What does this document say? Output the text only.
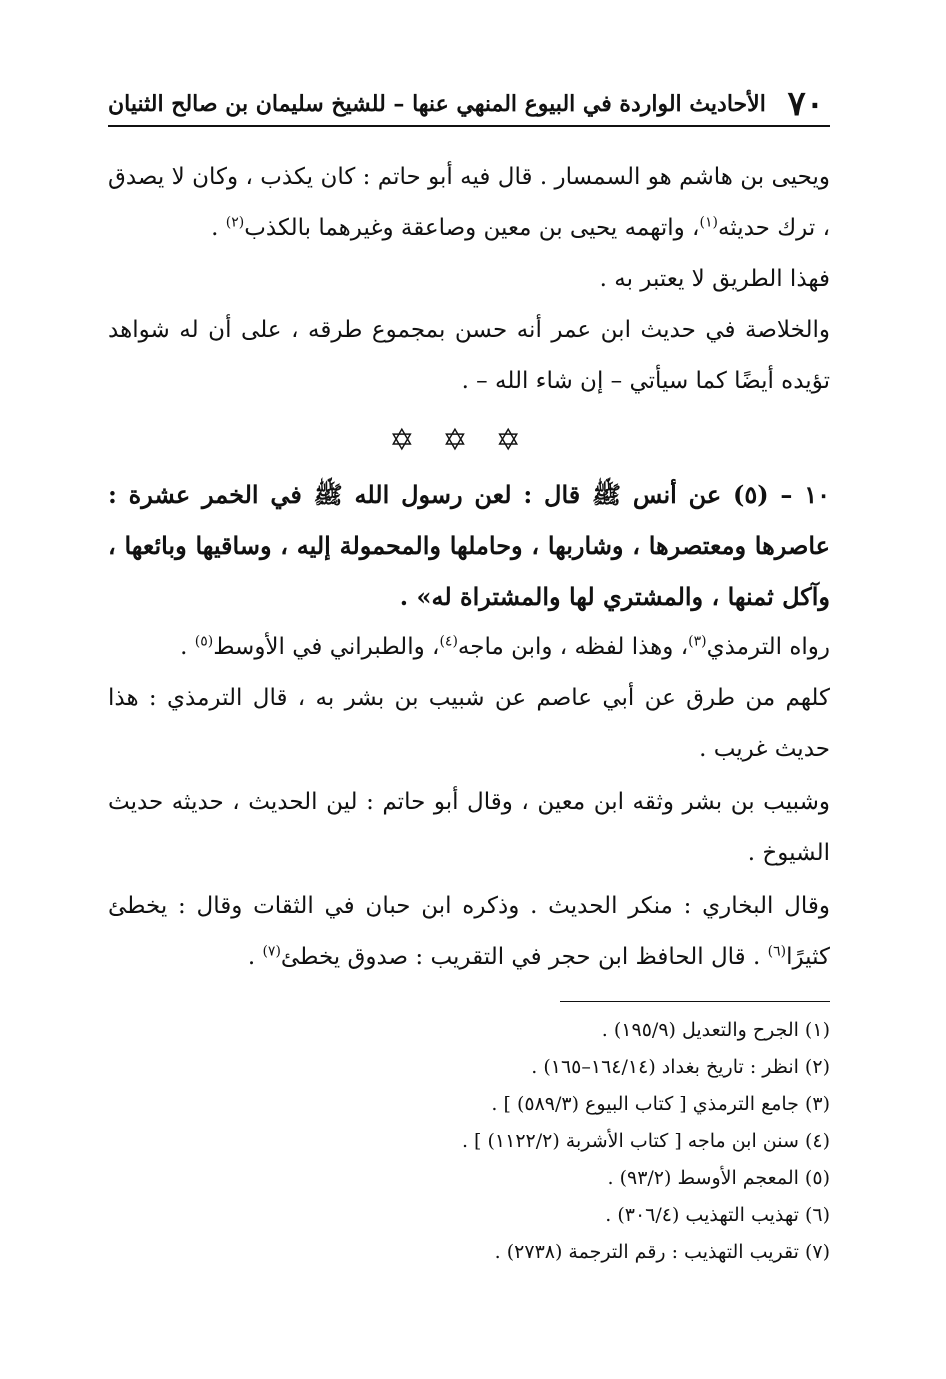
٧٠
الأحاديث الواردة في البيوع المنهي عنها – للشيخ سليمان بن صالح الثنيان

ويحيى بن هاشم هو السمسار . قال فيه أبو حاتم : كان يكذب ، وكان لا يصدق ، ترك حديثه$^{(١)}$، واتهمه يحيى بن معين وصاعقة وغيرهما بالكذب$^{(٢)}$ .

فهذا الطريق لا يعتبر به .

والخلاصة في حديث ابن عمر أنه حسن بمجموع طرقه ، على أن له شواهد تؤيده أيضًا كما سيأتي – إن شاء الله – .

✡✡✡

١٠ – (٥) عن أنس ﷺ قال : لعن رسول الله ﷺ في الخمر عشرة : عاصرها ومعتصرها ، وشاربها ، وحاملها والمحمولة إليه ، وساقيها وبائعها ، وآكل ثمنها ، والمشتري لها والمشتراة له» .

رواه الترمذي$^{(٣)}$، وهذا لفظه ، وابن ماجه$^{(٤)}$، والطبراني في الأوسط$^{(٥)}$ .

كلهم من طرق عن أبي عاصم عن شبيب بن بشر به ، قال الترمذي : هذا حديث غريب .

وشبيب بن بشر وثقه ابن معين ، وقال أبو حاتم : لين الحديث ، حديثه حديث الشيوخ .

وقال البخاري : منكر الحديث . وذكره ابن حبان في الثقات وقال : يخطئ كثيرًا$^{(٦)}$ . قال الحافظ ابن حجر في التقريب : صدوق يخطئ$^{(٧)}$ .

(١) الجرح والتعديل (١٩٥/٩) .

(٢) انظر : تاريخ بغداد (١٦٤/١٤–١٦٥) .

(٣) جامع الترمذي [ كتاب البيوع (٥٨٩/٣) ] .

(٤) سنن ابن ماجه [ كتاب الأشربة (١١٢٢/٢) ] .

(٥) المعجم الأوسط (٩٣/٢) .

(٦) تهذيب التهذيب (٣٠٦/٤) .

(٧) تقريب التهذيب : رقم الترجمة (٢٧٣٨) .
